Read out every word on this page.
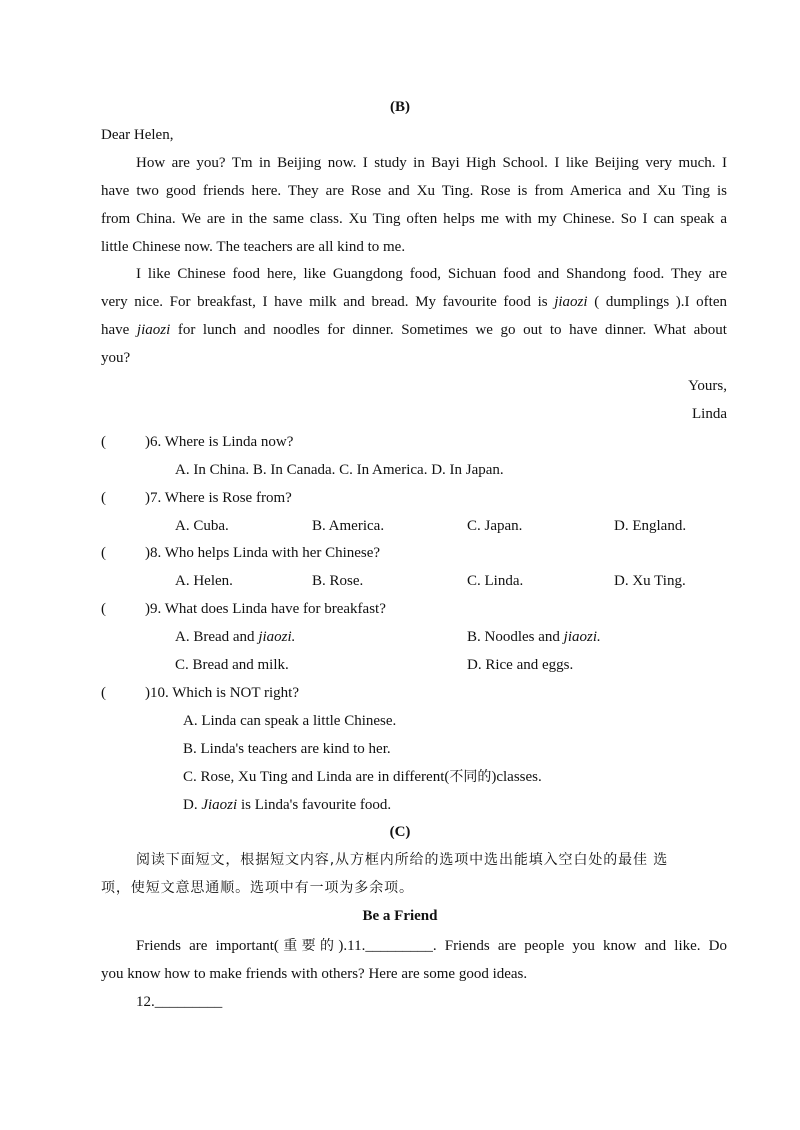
(B)
Dear Helen,
How are you? Tm in Beijing now. I study in Bayi High School. I like Beijing very much. I
have two good friends here. They are Rose and Xu Ting. Rose is from America and Xu Ting is
from China. We are in the same class. Xu Ting often helps me with my Chinese. So I can speak a
little Chinese now. The teachers are all kind to me.
I like Chinese food here, like Guangdong food, Sichuan food and Shandong food. They are
very nice. For breakfast, I have milk and bread. My favourite food is jiaozi ( dumplings ).I often
have jiaozi for lunch and noodles for dinner. Sometimes we go out to have dinner. What about
you?
Yours,
Linda
(	)6. Where is Linda now?
A. In China. B. In Canada. C. In America. D. In Japan.
(	)7. Where is Rose from?
A. Cuba.	B. America.	C. Japan.	D. England.
(	)8. Who helps Linda with her Chinese?
A. Helen.	B. Rose.	C. Linda.	D. Xu Ting.
(	)9. What does Linda have for breakfast?
A. Bread and jiaozi.	B. Noodles and jiaozi.
C. Bread and milk.	D. Rice and eggs.
(	)10. Which is NOT right?
A. Linda can speak a little Chinese.
B. Linda's teachers are kind to her.
C. Rose, Xu Ting and Linda are in different(不同的)classes.
D. Jiaozi is Linda's favourite food.
(C)
阅读下面短文，根据短文内容,从方框内所给的选项中选出能填入空白处的最佳 选
项，使短文意思通顺。选项中有一项为多余项。
Be a Friend
Friends are important(重要的).11._________. Friends are people you know and like. Do
you know how to make friends with others? Here are some good ideas.
12._________
